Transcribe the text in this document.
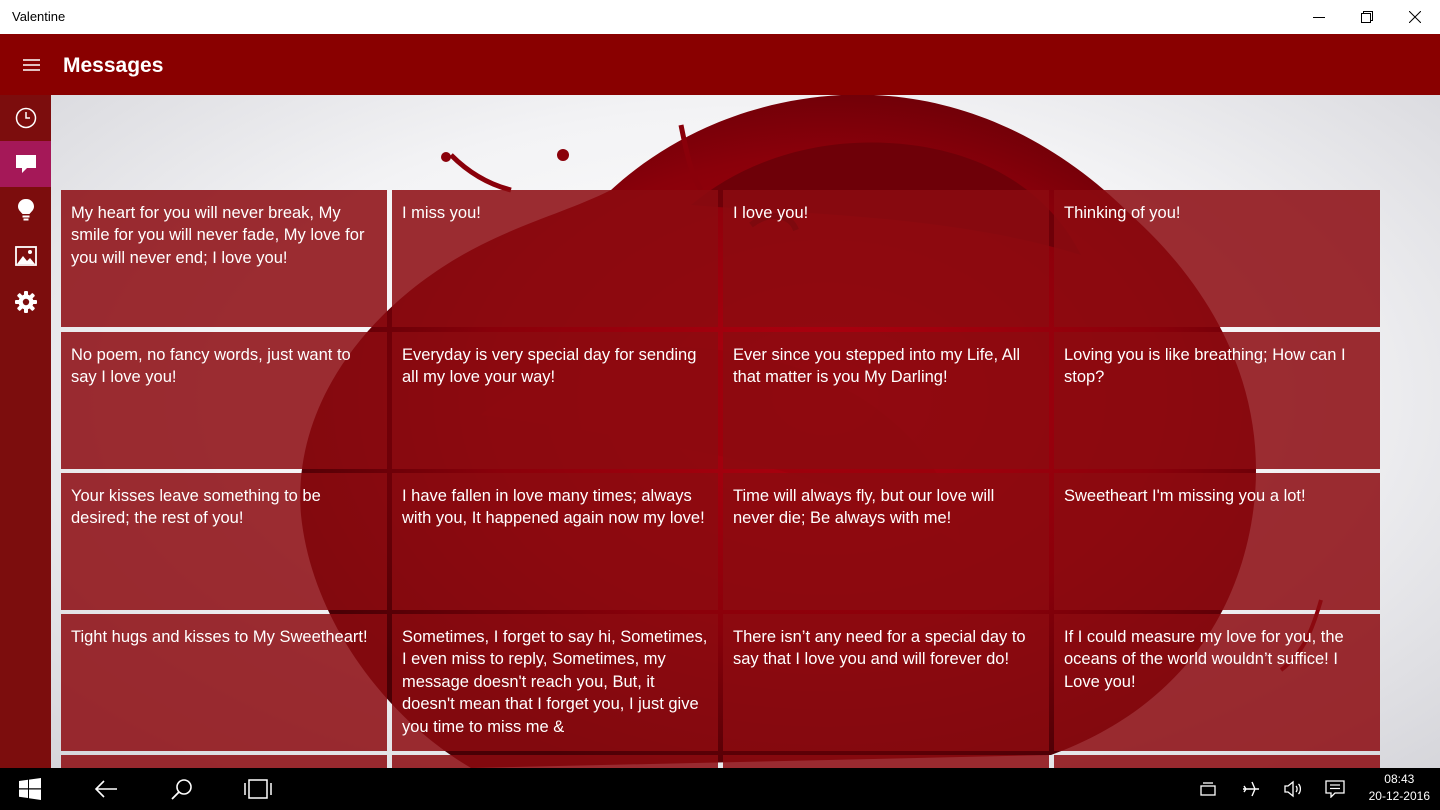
Valentine
Messages
My heart for you will never break, My smile for you will never fade, My love for you will never end; I love you!
I miss you!	I love you!	Thinking of you!
No poem, no fancy words, just want to say I love you!
Everyday is very special day for sending all my love your way!
Ever since you stepped into my Life, All that matter is you My Darling!
Loving you is like breathing; How can I stop?
Your kisses leave something to be desired; the rest of you!
I have fallen in love many times; always with you, It happened again now my love!
Time will always fly, but our love will never die; Be always with me!
Sweetheart I'm missing you a lot!
Tight hugs and kisses to My Sweetheart!	Sometimes, I forget to say hi, Sometimes, I even miss to reply, Sometimes, my message doesn't reach you, But, it doesn't mean that I forget you, I just give you time to miss me &
There isn’t any need for a special day to say that I love you and will forever do!
If I could measure my love for you, the oceans of the world wouldn’t suffice! I Love you!
08:43
20-12-2016
